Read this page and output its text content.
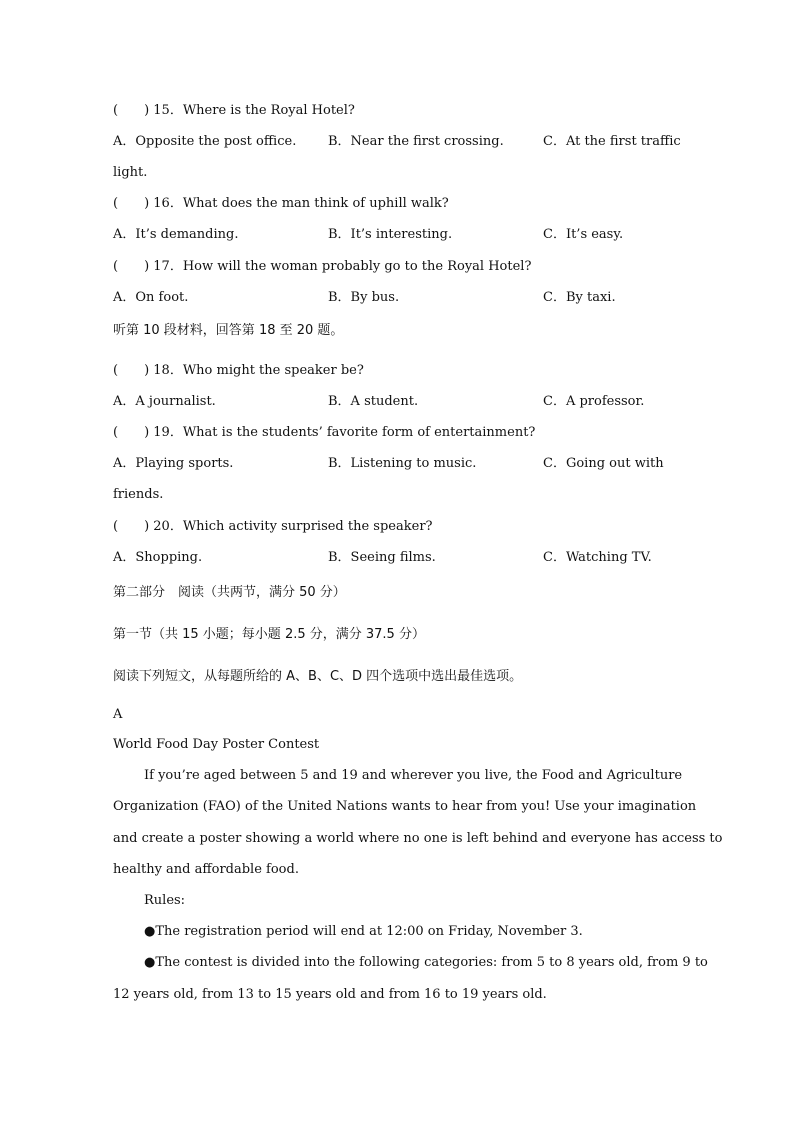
(　　) 15．Where is the Royal Hotel?
A．Opposite the post office. B．Near the first crossing.	C．At the first traffic
light.
(　　) 16．What does the man think of uphill walk?
A．It’s demanding.	B．It’s interesting.	C．It’s easy.
(　　) 17．How will the woman probably go to the Royal Hotel?
A．On foot.	B．By bus.	C．By taxi.
听第 10 段材料，回答第 18 至 20 题。
(　　) 18．Who might the speaker be?
A．A journalist.	B．A student.	C．A professor.
(　　) 19．What is the students’ favorite form of entertainment?
A．Playing sports.	B．Listening to music.	C．Going out with
friends.
(　　) 20．Which activity surprised the speaker?
A．Shopping.	B．Seeing films.	C．Watching TV.
第二部分　阅读（共两节，满分 50 分）
第一节（共 15 小题；每小题 2.5 分，满分 37.5 分）
阅读下列短文，从每题所给的 A、B、C、D 四个选项中选出最佳选项。
A
World Food Day Poster Contest
If you’re aged between 5 and 19 and wherever you live, the Food and Agriculture
Organization (FAO) of the United Nations wants to hear from you! Use your imagination
and create a poster showing a world where no one is left behind and everyone has access to
healthy and affordable food.
Rules:
●The registration period will end at 12:00 on Friday, November 3.
●The contest is divided into the following categories: from 5 to 8 years old, from 9 to
12 years old, from 13 to 15 years old and from 16 to 19 years old.
